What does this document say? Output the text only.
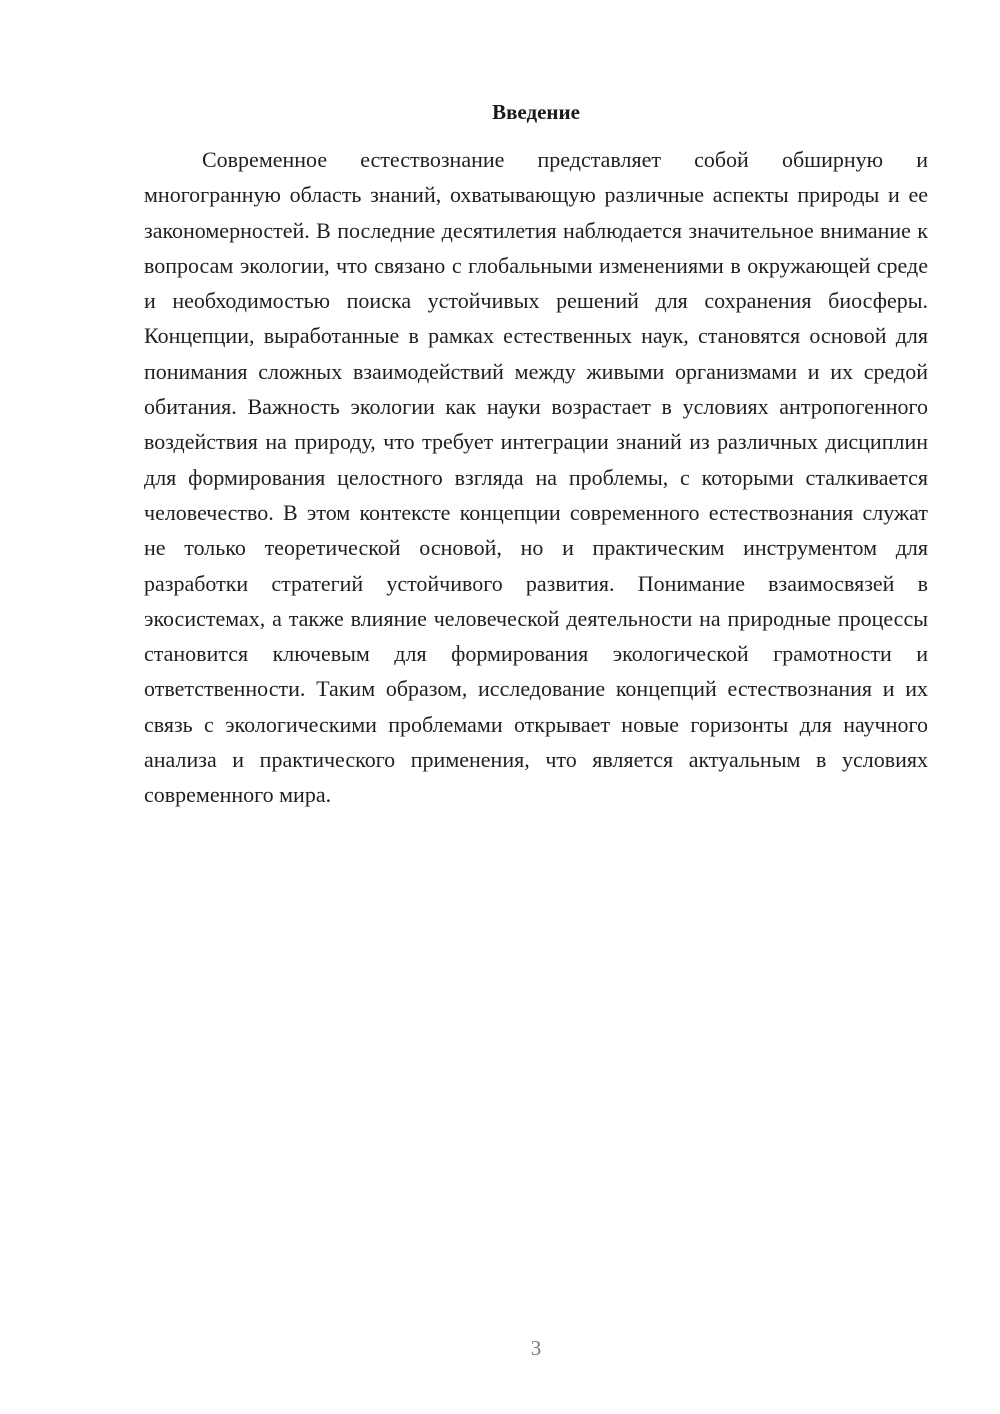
Введение

Современное естествознание представляет собой обширную и многогранную область знаний, охватывающую различные аспекты природы и ее закономерностей. В последние десятилетия наблюдается значительное внимание к вопросам экологии, что связано с глобальными изменениями в окружающей среде и необходимостью поиска устойчивых решений для сохранения биосферы. Концепции, выработанные в рамках естественных наук, становятся основой для понимания сложных взаимодействий между живыми организмами и их средой обитания. Важность экологии как науки возрастает в условиях антропогенного воздействия на природу, что требует интеграции знаний из различных дисциплин для формирования целостного взгляда на проблемы, с которыми сталкивается человечество. В этом контексте концепции современного естествознания служат не только теоретической основой, но и практическим инструментом для разработки стратегий устойчивого развития. Понимание взаимосвязей в экосистемах, а также влияние человеческой деятельности на природные процессы становится ключевым для формирования экологической грамотности и ответственности. Таким образом, исследование концепций естествознания и их связь с экологическими проблемами открывает новые горизонты для научного анализа и практического применения, что является актуальным в условиях современного мира.

3
